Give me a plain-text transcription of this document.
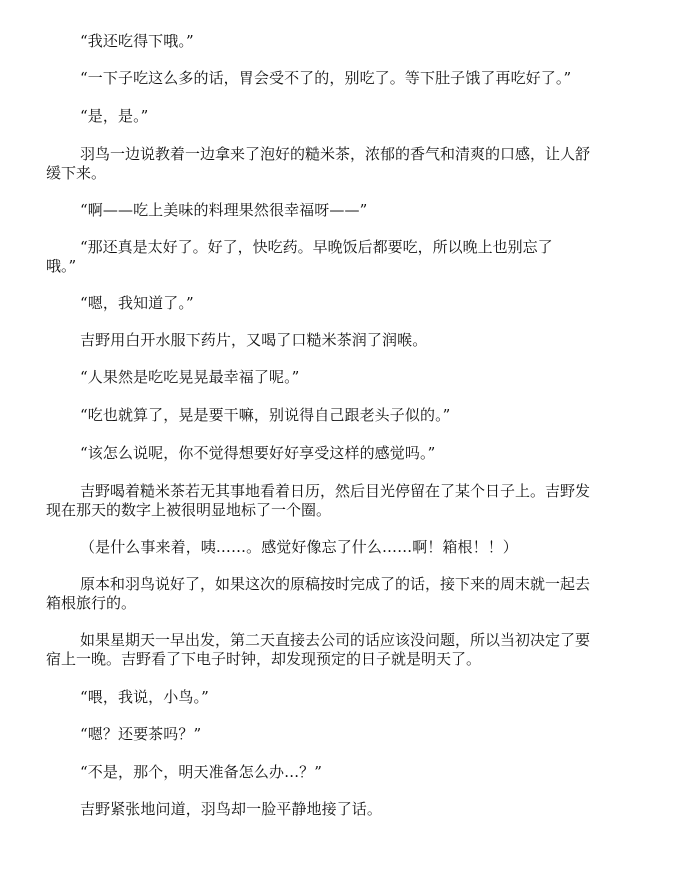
“我还吃得下哦。”

“一下子吃这么多的话，胃会受不了的，别吃了。等下肚子饿了再吃好了。”

“是，是。”

羽鸟一边说教着一边拿来了泡好的糙米茶，浓郁的香气和清爽的口感，让人舒
缓下来。

“啊——吃上美味的料理果然很幸福呀——”

“那还真是太好了。好了，快吃药。早晚饭后都要吃，所以晚上也别忘了
哦。”

“嗯，我知道了。”

吉野用白开水服下药片，又喝了口糙米茶润了润喉。

“人果然是吃吃晃晃最幸福了呢。”

“吃也就算了，晃是要干嘛，别说得自己跟老头子似的。”

“该怎么说呢，你不觉得想要好好享受这样的感觉吗。”

吉野喝着糙米茶若无其事地看着日历，然后目光停留在了某个日子上。吉野发
现在那天的数字上被很明显地标了一个圈。

（是什么事来着，咦……。感觉好像忘了什么……啊！箱根！！）

原本和羽鸟说好了，如果这次的原稿按时完成了的话，接下来的周末就一起去
箱根旅行的。
如果星期天一早出发，第二天直接去公司的话应该没问题，所以当初决定了要
宿上一晚。吉野看了下电子时钟，却发现预定的日子就是明天了。

“喂，我说，小鸟。”

“嗯？还要茶吗？”

“不是，那个，明天准备怎么办…？”

吉野紧张地问道，羽鸟却一脸平静地接了话。
